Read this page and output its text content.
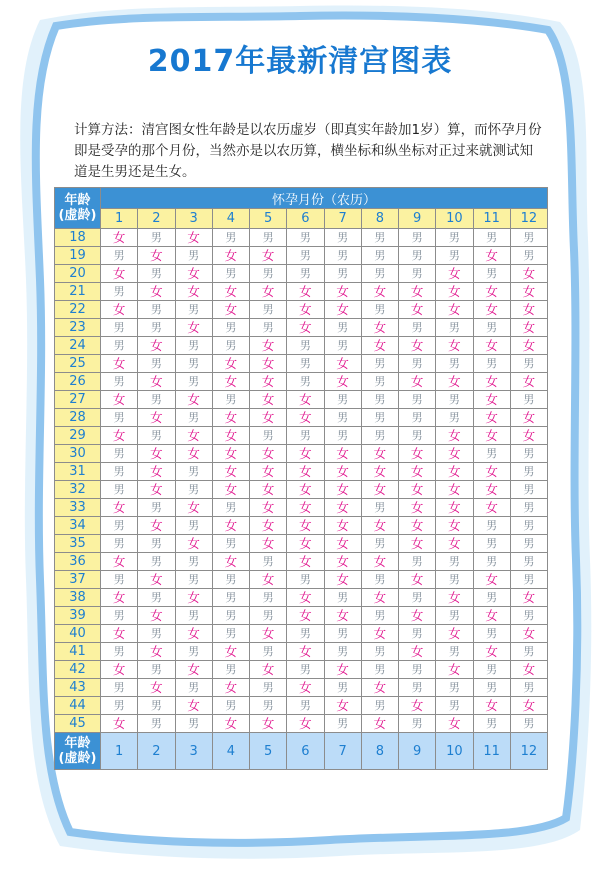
2017年最新清宫图表
计算方法：清宫图女性年龄是以农历虚岁（即真实年龄加1岁）算，而怀孕月份即是受孕的那个月份，当然亦是以农历算，横坐标和纵坐标对正过来就测试知道是生男还是生女。
年龄
(虚龄)	怀孕月份（农历）											
	1	2	3	4	5	6	7	8	9	10	11	12
18	女	男	女	男	男	男	男	男	男	男	男	男
19	男	女	男	女	女	男	男	男	男	男	女	男
20	女	男	女	男	男	男	男	男	男	女	男	女
21	男	女	女	女	女	女	女	女	女	女	女	女
22	女	男	男	女	男	女	女	男	女	女	女	女
23	男	男	女	男	男	女	男	女	男	男	男	女
24	男	女	男	男	女	男	男	女	女	女	女	女
25	女	男	男	女	女	男	女	男	男	男	男	男
26	男	女	男	女	女	男	女	男	女	女	女	女
27	女	男	女	男	女	女	男	男	男	男	女	男
28	男	女	男	女	女	女	男	男	男	男	女	女
29	女	男	女	女	男	男	男	男	男	女	女	女
30	男	女	女	女	女	女	女	女	女	女	男	男
31	男	女	男	女	女	女	女	女	女	女	女	男
32	男	女	男	女	女	女	女	女	女	女	女	男
33	女	男	女	男	女	女	女	男	女	女	女	男
34	男	女	男	女	女	女	女	女	女	女	男	男
35	男	男	女	男	女	女	女	男	女	女	男	男
36	女	男	男	女	男	女	女	女	男	男	男	男
37	男	女	男	男	女	男	女	男	女	男	女	男
38	女	男	女	男	男	女	男	女	男	女	男	女
39	男	女	男	男	男	女	女	男	女	男	女	男
40	女	男	女	男	女	男	男	女	男	女	男	女
41	男	女	男	女	男	女	男	男	女	男	女	男
42	女	男	女	男	女	男	女	男	男	女	男	女
43	男	女	男	女	男	女	男	女	男	男	男	男
44	男	男	女	男	男	男	女	男	女	男	女	女
45	女	男	男	女	女	女	男	女	男	女	男	男
年龄
(虚龄)	1	2	3	4	5	6	7	8	9	10	11	12
